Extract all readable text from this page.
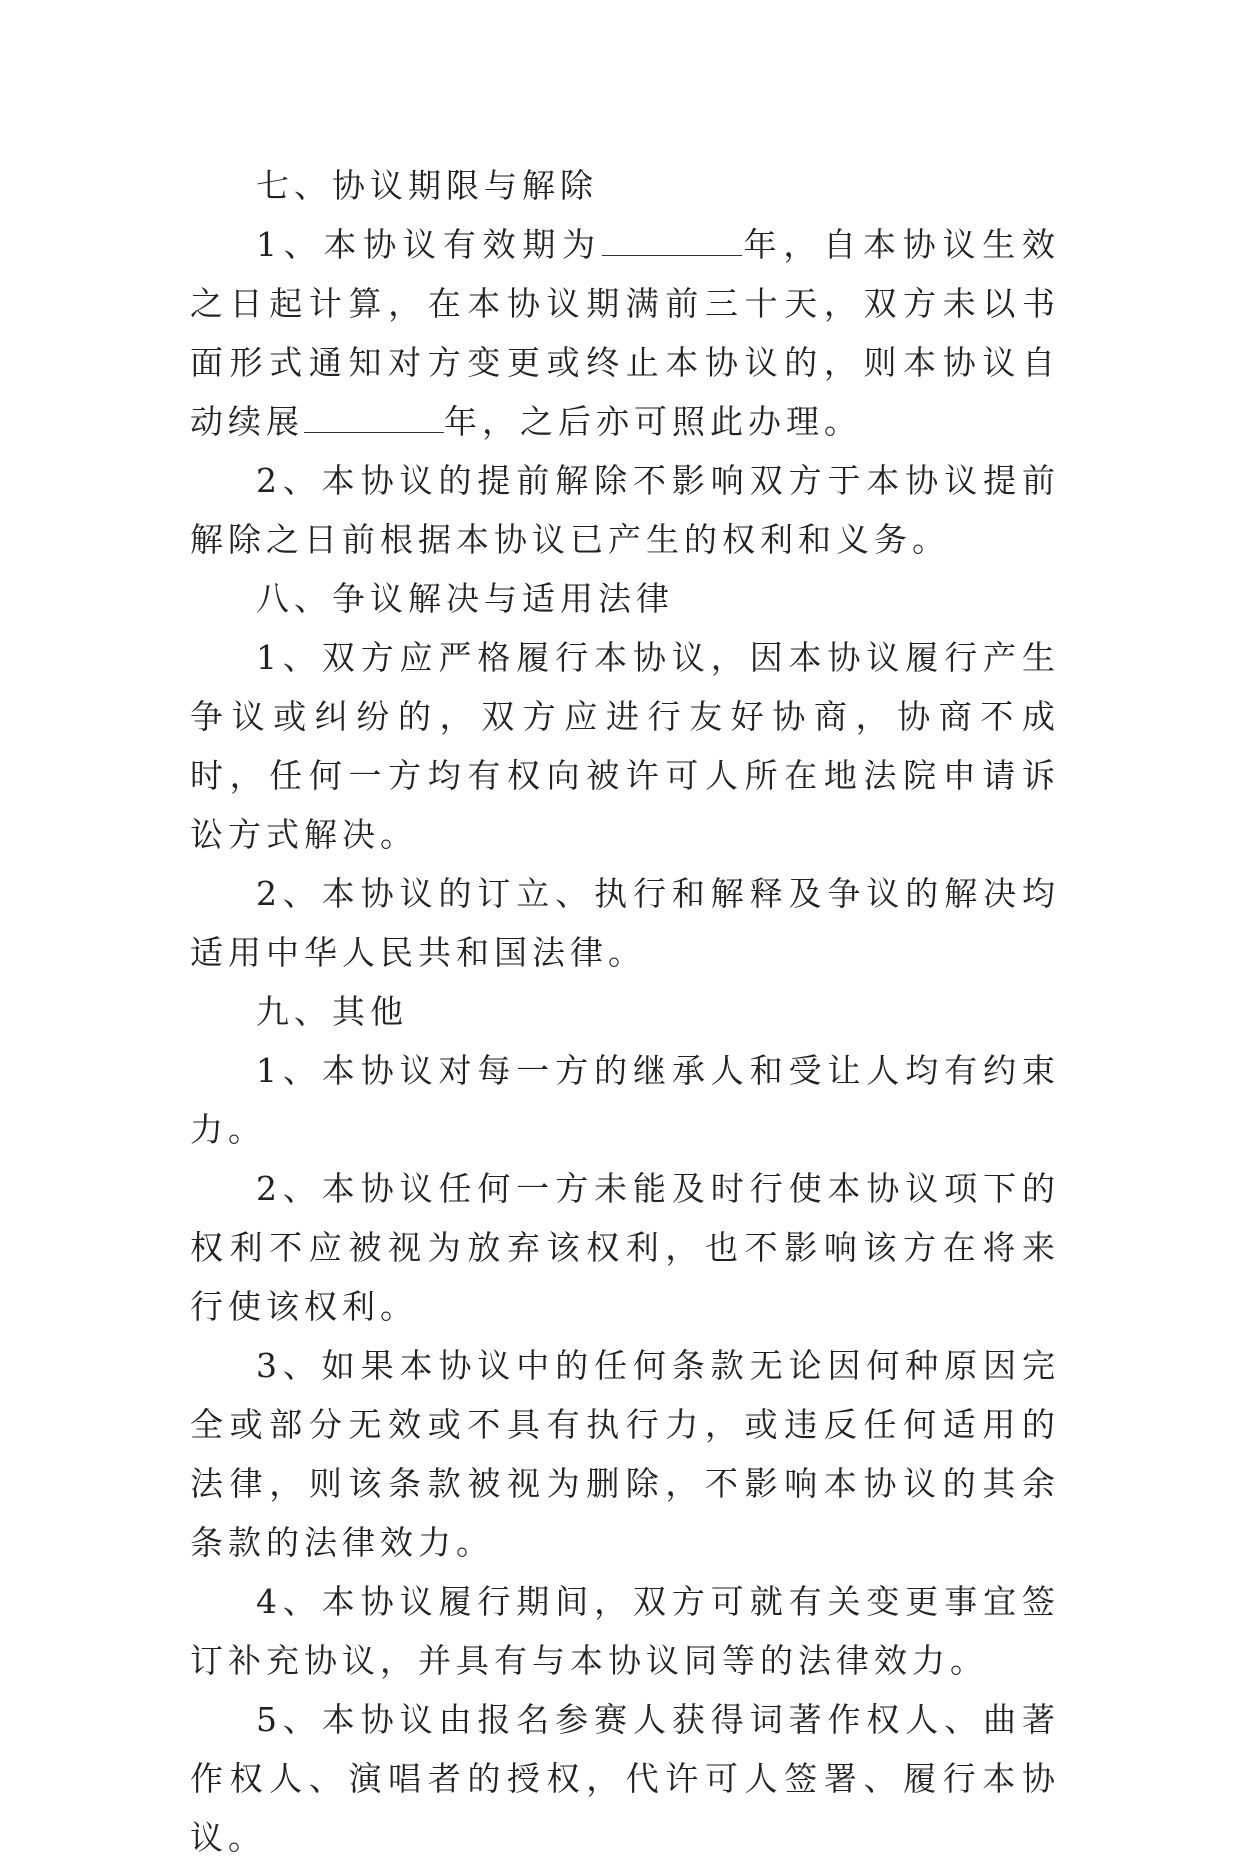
七、协议期限与解除

1、本协议有效期为	年，自本协议生效之日起计算，在本协议期满前三十天，双方未以书面形式通知对方变更或终止本协议的，则本协议自动续展	年，之后亦可照此办理。

2、本协议的提前解除不影响双方于本协议提前解除之日前根据本协议已产生的权利和义务。

八、争议解决与适用法律

1、双方应严格履行本协议，因本协议履行产生争议或纠纷的，双方应进行友好协商，协商不成时，任何一方均有权向被许可人所在地法院申请诉讼方式解决。

2、本协议的订立、执行和解释及争议的解决均适用中华人民共和国法律。

九、其他

1、本协议对每一方的继承人和受让人均有约束力。

2、本协议任何一方未能及时行使本协议项下的权利不应被视为放弃该权利，也不影响该方在将来行使该权利。

3、如果本协议中的任何条款无论因何种原因完全或部分无效或不具有执行力，或违反任何适用的法律，则该条款被视为删除，不影响本协议的其余条款的法律效力。

4、本协议履行期间，双方可就有关变更事宜签订补充协议，并具有与本协议同等的法律效力。

5、本协议由报名参赛人获得词著作权人、曲著作权人、演唱者的授权，代许可人签署、履行本协议。
